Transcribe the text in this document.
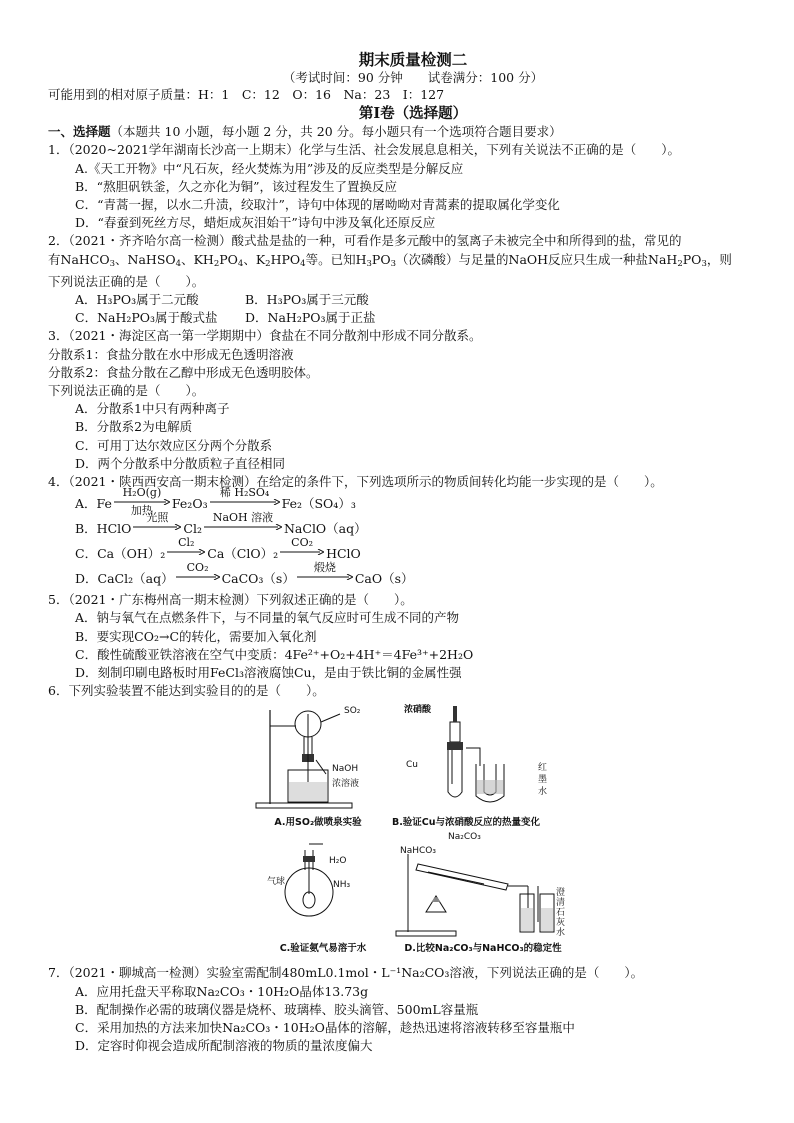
期末质量检测二
（考试时间：90 分钟　　试卷满分：100 分）
可能用到的相对原子质量：H：1　C：12　O：16　Na：23　I：127
第Ⅰ卷（选择题）
一、选择题（本题共 10 小题，每小题 2 分，共 20 分。每小题只有一个选项符合题目要求）
1．（2020~2021学年湖南长沙高一上期末）化学与生活、社会发展息息相关，下列有关说法不正确的是（　　）。
A.《天工开物》中“凡石灰，经火焚炼为用”涉及的反应类型是分解反应
B．“熬胆矾铁釜，久之亦化为铜”，该过程发生了置换反应
C．“青蒿一握，以水二升渍，绞取汁”，诗句中体现的屠呦呦对青蒿素的提取属化学变化
D．“春蚕到死丝方尽，蜡炬成灰泪始干”诗句中涉及氧化还原反应
2．（2021・齐齐哈尔高一检测）酸式盐是盐的一种，可看作是多元酸中的氢离子未被完全中和所得到的盐，常见的
有NaHCO$_3$、NaHSO$_4$、$KH_2PO_4$、$K_2HPO_4$等。已知$H_3PO_3$（次磷酸）与足量的NaOH反应只生成一种盐$NaH_2PO_3$，则
下列说法正确的是（　　）。
A．H₃PO₃属于二元酸	B．H₃PO₃属于三元酸
C．NaH₂PO₃属于酸式盐 D．NaH₂PO₃属于正盐
3．（2021・海淀区高一第一学期期中）食盐在不同分散剂中形成不同分散系。
分散系1：食盐分散在水中形成无色透明溶液
分散系2：食盐分散在乙醇中形成无色透明胶体。
下列说法正确的是（　　）。
A．分散系1中只有两种离子
B．分散系2为电解质
C．可用丁达尔效应区分两个分散系
D．两个分散系中分散质粒子直径相同
4．（2021・陕西西安高一期末检测）在给定的条件下，下列选项所示的物质间转化均能一步实现的是（　　）。
A．Fe
H₂O(g)
加热 Fe₂O₃
稀 H₂SO₄
Fe₂（SO₄）₃
B．HClO
光照
Cl₂
NaOH 溶液
NaClO（aq）
C．Ca（OH）₂
Cl₂
Ca（ClO）₂
CO₂
HClO
D．CaCl₂（aq）
CO₂
CaCO₃（s）
煅烧
CaO（s）
5．（2021・广东梅州高一期末检测）下列叙述正确的是（　　）。
A．钠与氧气在点燃条件下，与不同量的氧气反应时可生成不同的产物
B．要实现CO₂→C的转化，需要加入氧化剂
C．酸性硫酸亚铁溶液在空气中变质：4Fe²⁺+O₂+4H⁺＝4Fe³⁺+2H₂O
D．刻制印刷电路板时用FeCl₃溶液腐蚀Cu，是由于铁比铜的金属性强
6．下列实验装置不能达到实验目的的是（　　）。
SO₂
NaOH
浓溶液
A.用SO₂做喷泉实验
浓硝酸
Cu	红
墨
水
B.验证Cu与浓硝酸反应的热量变化
H₂O
气球	NH₃
C.验证氨气易溶于水
Na₂CO₃
NaHCO₃
澄清石灰水
D.比较Na₂CO₃与NaHCO₃的稳定性
7．（2021・聊城高一检测）实验室需配制480mL0.1mol・L⁻¹Na₂CO₃溶液，下列说法正确的是（　　）。
A．应用托盘天平称取Na₂CO₃・10H₂O晶体13.73g
B．配制操作必需的玻璃仪器是烧杯、玻璃棒、胶头滴管、500mL容量瓶
C．采用加热的方法来加快Na₂CO₃・10H₂O晶体的溶解，趁热迅速将溶液转移至容量瓶中
D．定容时仰视会造成所配制溶液的物质的量浓度偏大
